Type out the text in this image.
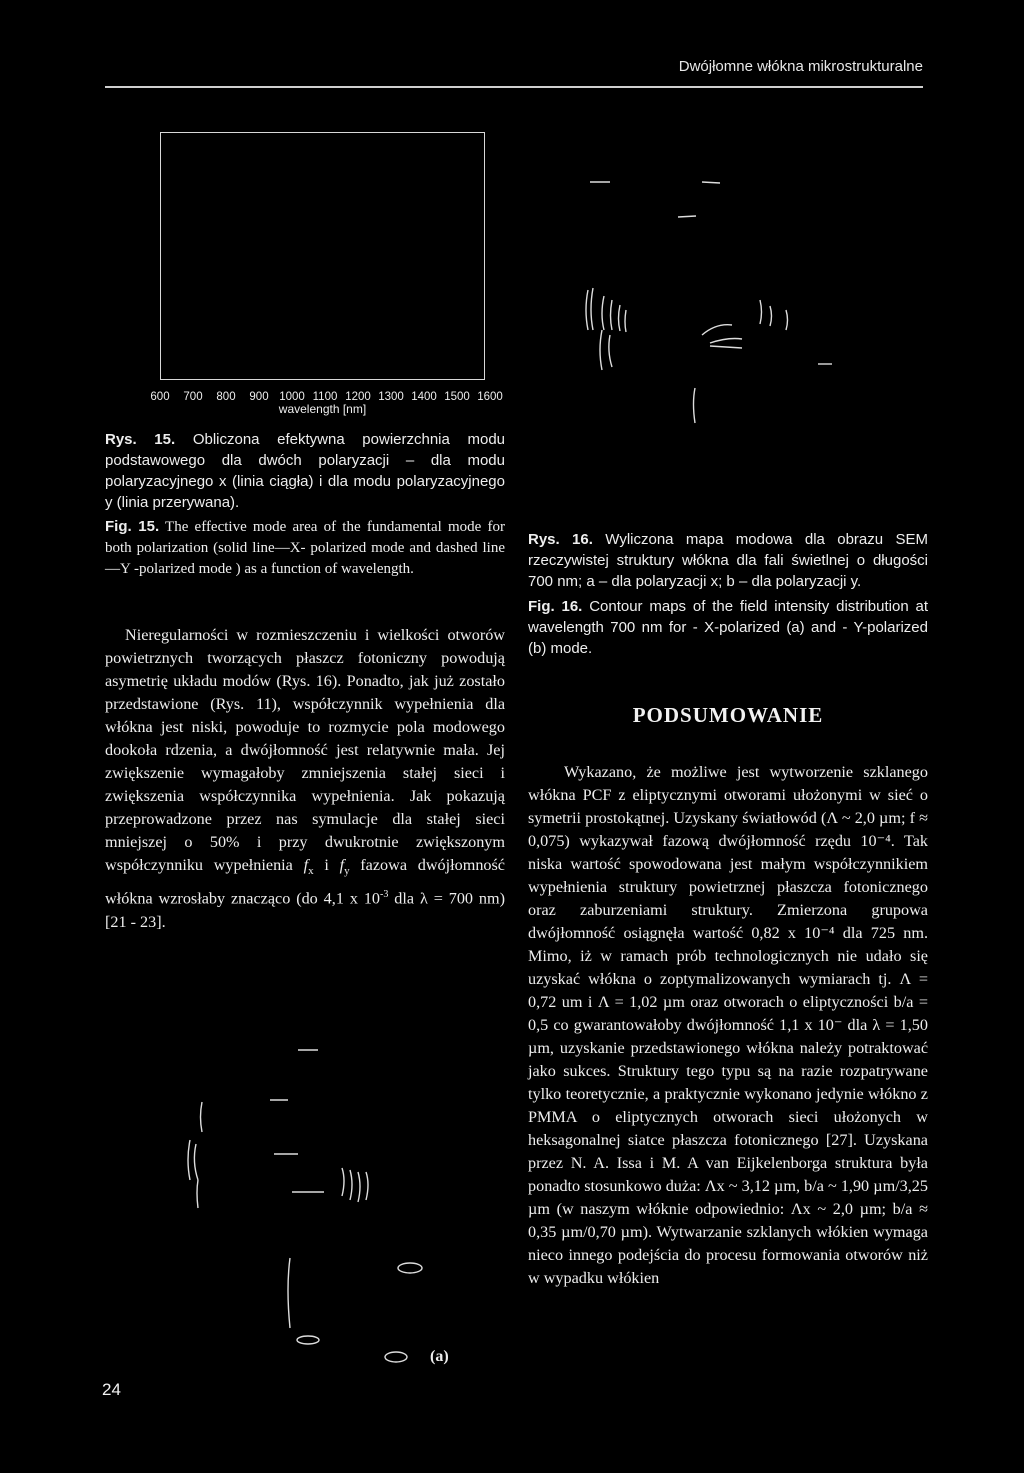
Dwójłomne włókna mikrostrukturalne
600 700 800 900 1000 1100 1200 1300 1400 1500 1600
wavelength [nm]
Rys. 15. Obliczona efektywna powierzchnia modu podstawowego dla dwóch polaryzacji – dla modu polaryzacyjnego x (linia ciągła) i dla modu polaryzacyjnego y (linia przerywana).
Fig. 15. The effective mode area of the fundamental mode for both polarization (solid line—X- polarized mode and dashed line—Y -polarized mode ) as a function of wavelength.
Nieregularności w rozmieszczeniu i wielkości otworów powietrznych tworzących płaszcz fotoniczny powodują asymetrię układu modów (Rys. 16). Ponadto, jak już zostało przedstawione (Rys. 11), współczynnik wypełnienia dla włókna jest niski, powoduje to rozmycie pola modowego dookoła rdzenia, a dwójłomność jest relatywnie mała. Jej zwiększenie wymagałoby zmniejszenia stałej sieci i zwiększenia współczynnika wypełnienia. Jak pokazują przeprowadzone przez nas symulacje dla stałej sieci mniejszej o 50% i przy dwukrotnie zwiększonym współczynniku wypełnienia $f_x$ i $f_y$ fazowa dwójłomność włókna wzrosłaby znacząco (do 4,1 x $10^{-3}$ dla λ = 700 nm) [21 - 23].
Rys. 16. Wyliczona mapa modowa dla obrazu SEM rzeczywistej struktury włókna dla fali świetlnej o długości 700 nm; a – dla polaryzacji x; b – dla polaryzacji y.
Fig. 16. Contour maps of the field intensity distribution at wavelength 700 nm for - X-polarized (a) and - Y-polarized (b) mode.
PODSUMOWANIE
Wykazano, że możliwe jest wytworzenie szklanego włókna PCF z eliptycznymi otworami ułożonymi w sieć o symetrii prostokątnej. Uzyskany światłowód (Λ ~ 2,0 µm; f ≈ 0,075) wykazywał fazową dwójłomność rzędu 10⁻⁴. Tak niska wartość spowodowana jest małym współczynnikiem wypełnienia struktury powietrznej płaszcza fotonicznego oraz zaburzeniami struktury. Zmierzona grupowa dwójłomność osiągnęła wartość 0,82 x 10⁻⁴ dla 725 nm. Mimo, iż w ramach prób technologicznych nie udało się uzyskać włókna o zoptymalizowanych wymiarach tj. Λ = 0,72 um i Λ = 1,02 µm oraz otworach o eliptyczności b/a = 0,5 co gwarantowałoby dwójłomność 1,1 x 10⁻ dla λ = 1,50 µm, uzyskanie przedstawionego włókna należy potraktować jako sukces. Struktury tego typu są na razie rozpatrywane tylko teoretycznie, a praktycznie wykonano jedynie włókno z PMMA o eliptycznych otworach sieci ułożonych w heksagonalnej siatce płaszcza fotonicznego [27]. Uzyskana przez N. A. Issa i M. A van Eijkelenborga struktura była ponadto stosunkowo duża: Λx ~ 3,12 µm, b/a ~ 1,90 µm/3,25 µm (w naszym włóknie odpowiednio: Λx ~ 2,0 µm; b/a ≈ 0,35 µm/0,70 µm). Wytwarzanie szklanych włókien wymaga nieco innego podejścia do procesu formowania otworów niż w wypadku włókien
(a)
24
